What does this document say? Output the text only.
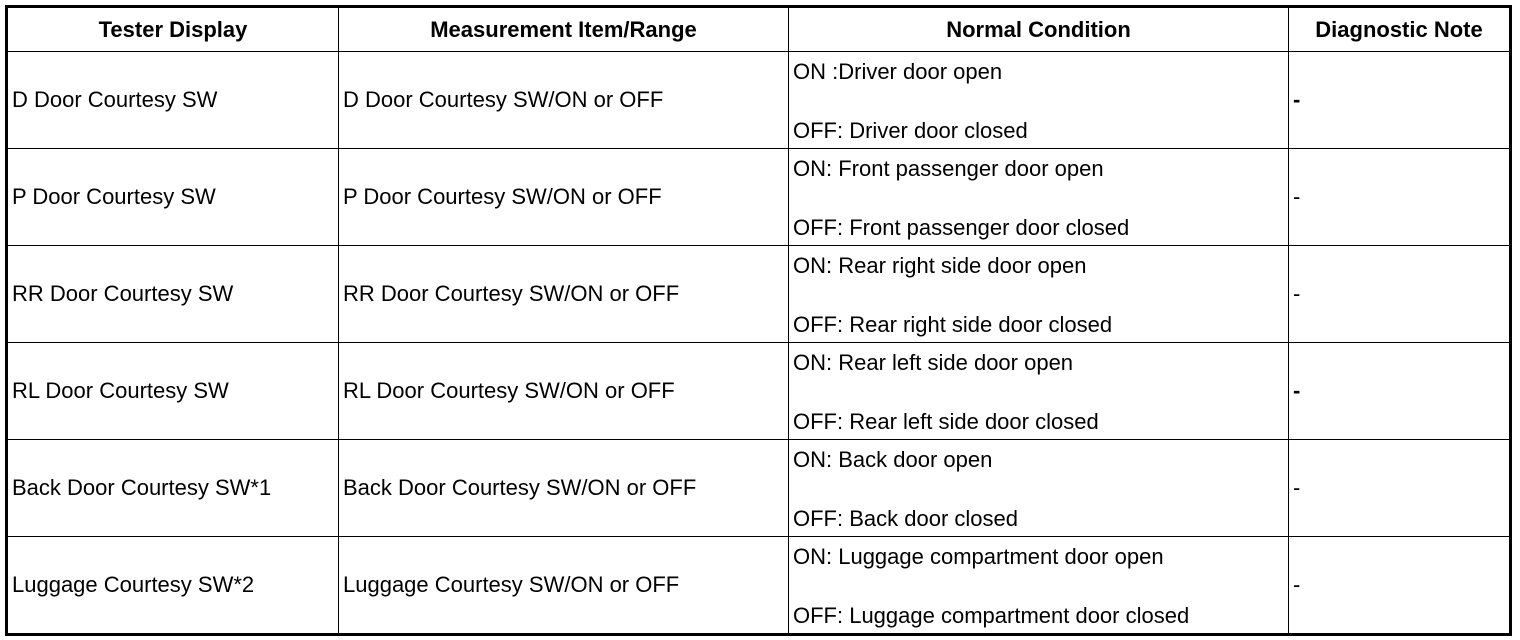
Tester Display	Measurement Item/Range	Normal Condition	Diagnostic Note
D Door Courtesy SW	D Door Courtesy SW/ON or OFF	ON :Driver door open
OFF: Driver door closed	-
P Door Courtesy SW	P Door Courtesy SW/ON or OFF	ON: Front passenger door open
OFF: Front passenger door closed	-
RR Door Courtesy SW	RR Door Courtesy SW/ON or OFF	ON: Rear right side door open
OFF: Rear right side door closed	-
RL Door Courtesy SW	RL Door Courtesy SW/ON or OFF	ON: Rear left side door open
OFF: Rear left side door closed	-
Back Door Courtesy SW*1	Back Door Courtesy SW/ON or OFF	ON: Back door open
OFF: Back door closed	-
Luggage Courtesy SW*2	Luggage Courtesy SW/ON or OFF	ON: Luggage compartment door open
OFF: Luggage compartment door closed	-
